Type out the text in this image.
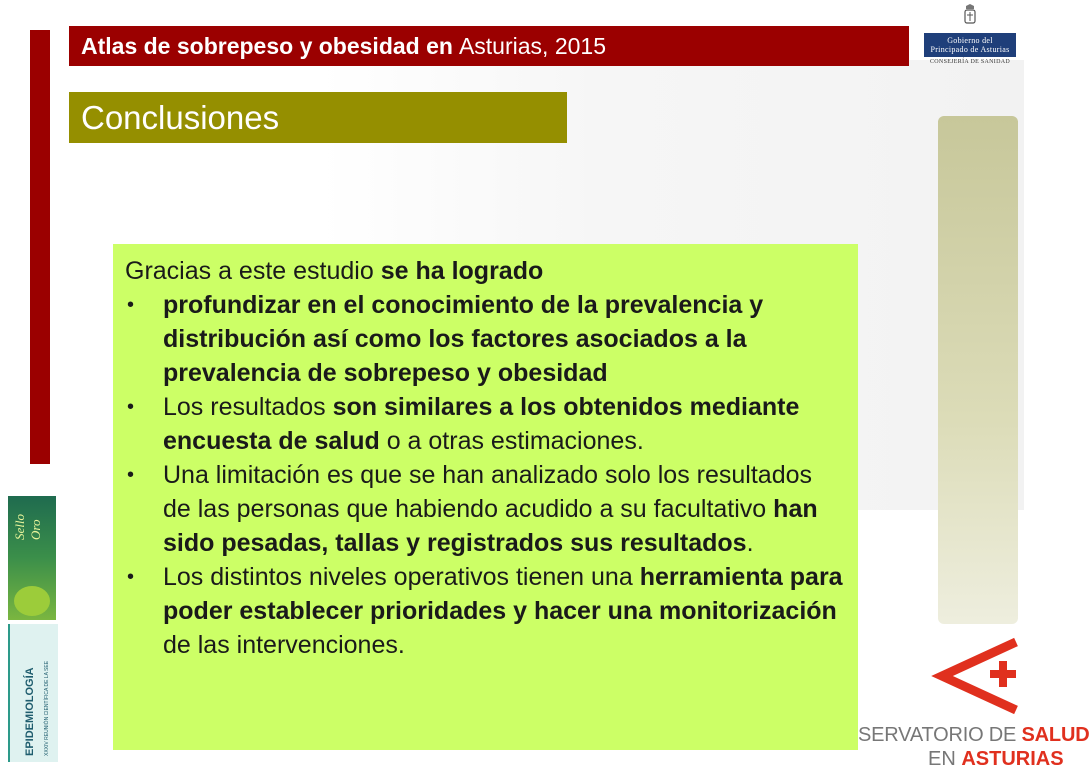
Atlas de sobrepeso y obesidad en Asturias, 2015
Conclusiones
Gobierno del
Principado de Asturias
CONSEJERÍA DE SANIDAD
Gracias a este estudio se ha logrado
• profundizar en el conocimiento de la prevalencia y distribución así como los factores asociados a la prevalencia de sobrepeso y obesidad
• Los resultados son similares a los obtenidos mediante encuesta de salud o a otras estimaciones.
• Una limitación es que se han analizado solo los resultados de las personas que habiendo acudido a su facultativo han sido pesadas, tallas y registrados sus resultados.
• Los distintos niveles operativos tienen una herramienta para poder establecer prioridades y hacer una monitorización de las intervenciones.
Sello Oro
EPIDEMIOLOGÍA XXXIV REUNIÓN CIENTÍFICA DE LA SEE	SERVATORIO DE SALUD
EN ASTURIAS
